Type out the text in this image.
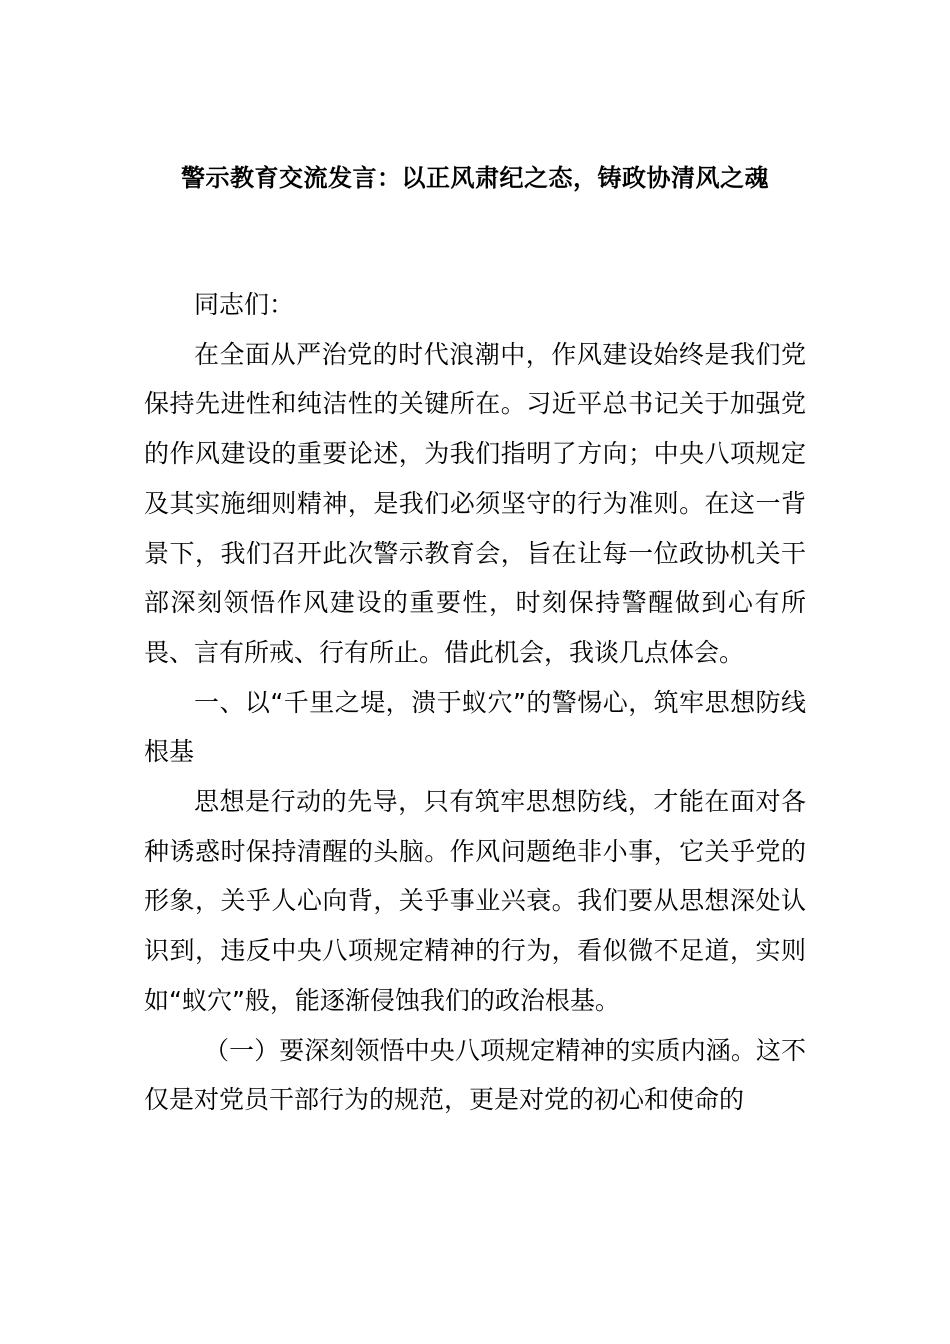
警示教育交流发言：以正风肃纪之态，铸政协清风之魂

同志们：

在全面从严治党的时代浪潮中，作风建设始终是我们党保持先进性和纯洁性的关键所在。习近平总书记关于加强党的作风建设的重要论述，为我们指明了方向；中央八项规定及其实施细则精神，是我们必须坚守的行为准则。在这一背景下，我们召开此次警示教育会，旨在让每一位政协机关干部深刻领悟作风建设的重要性，时刻保持警醒做到心有所畏、言有所戒、行有所止。借此机会，我谈几点体会。

一、以“千里之堤，溃于蚁穴”的警惕心，筑牢思想防线根基

思想是行动的先导，只有筑牢思想防线，才能在面对各种诱惑时保持清醒的头脑。作风问题绝非小事，它关乎党的形象，关乎人心向背，关乎事业兴衰。我们要从思想深处认识到，违反中央八项规定精神的行为，看似微不足道，实则如“蚁穴”般，能逐渐侵蚀我们的政治根基。

（一）要深刻领悟中央八项规定精神的实质内涵。这不仅是对党员干部行为的规范，更是对党的初心和使命的
